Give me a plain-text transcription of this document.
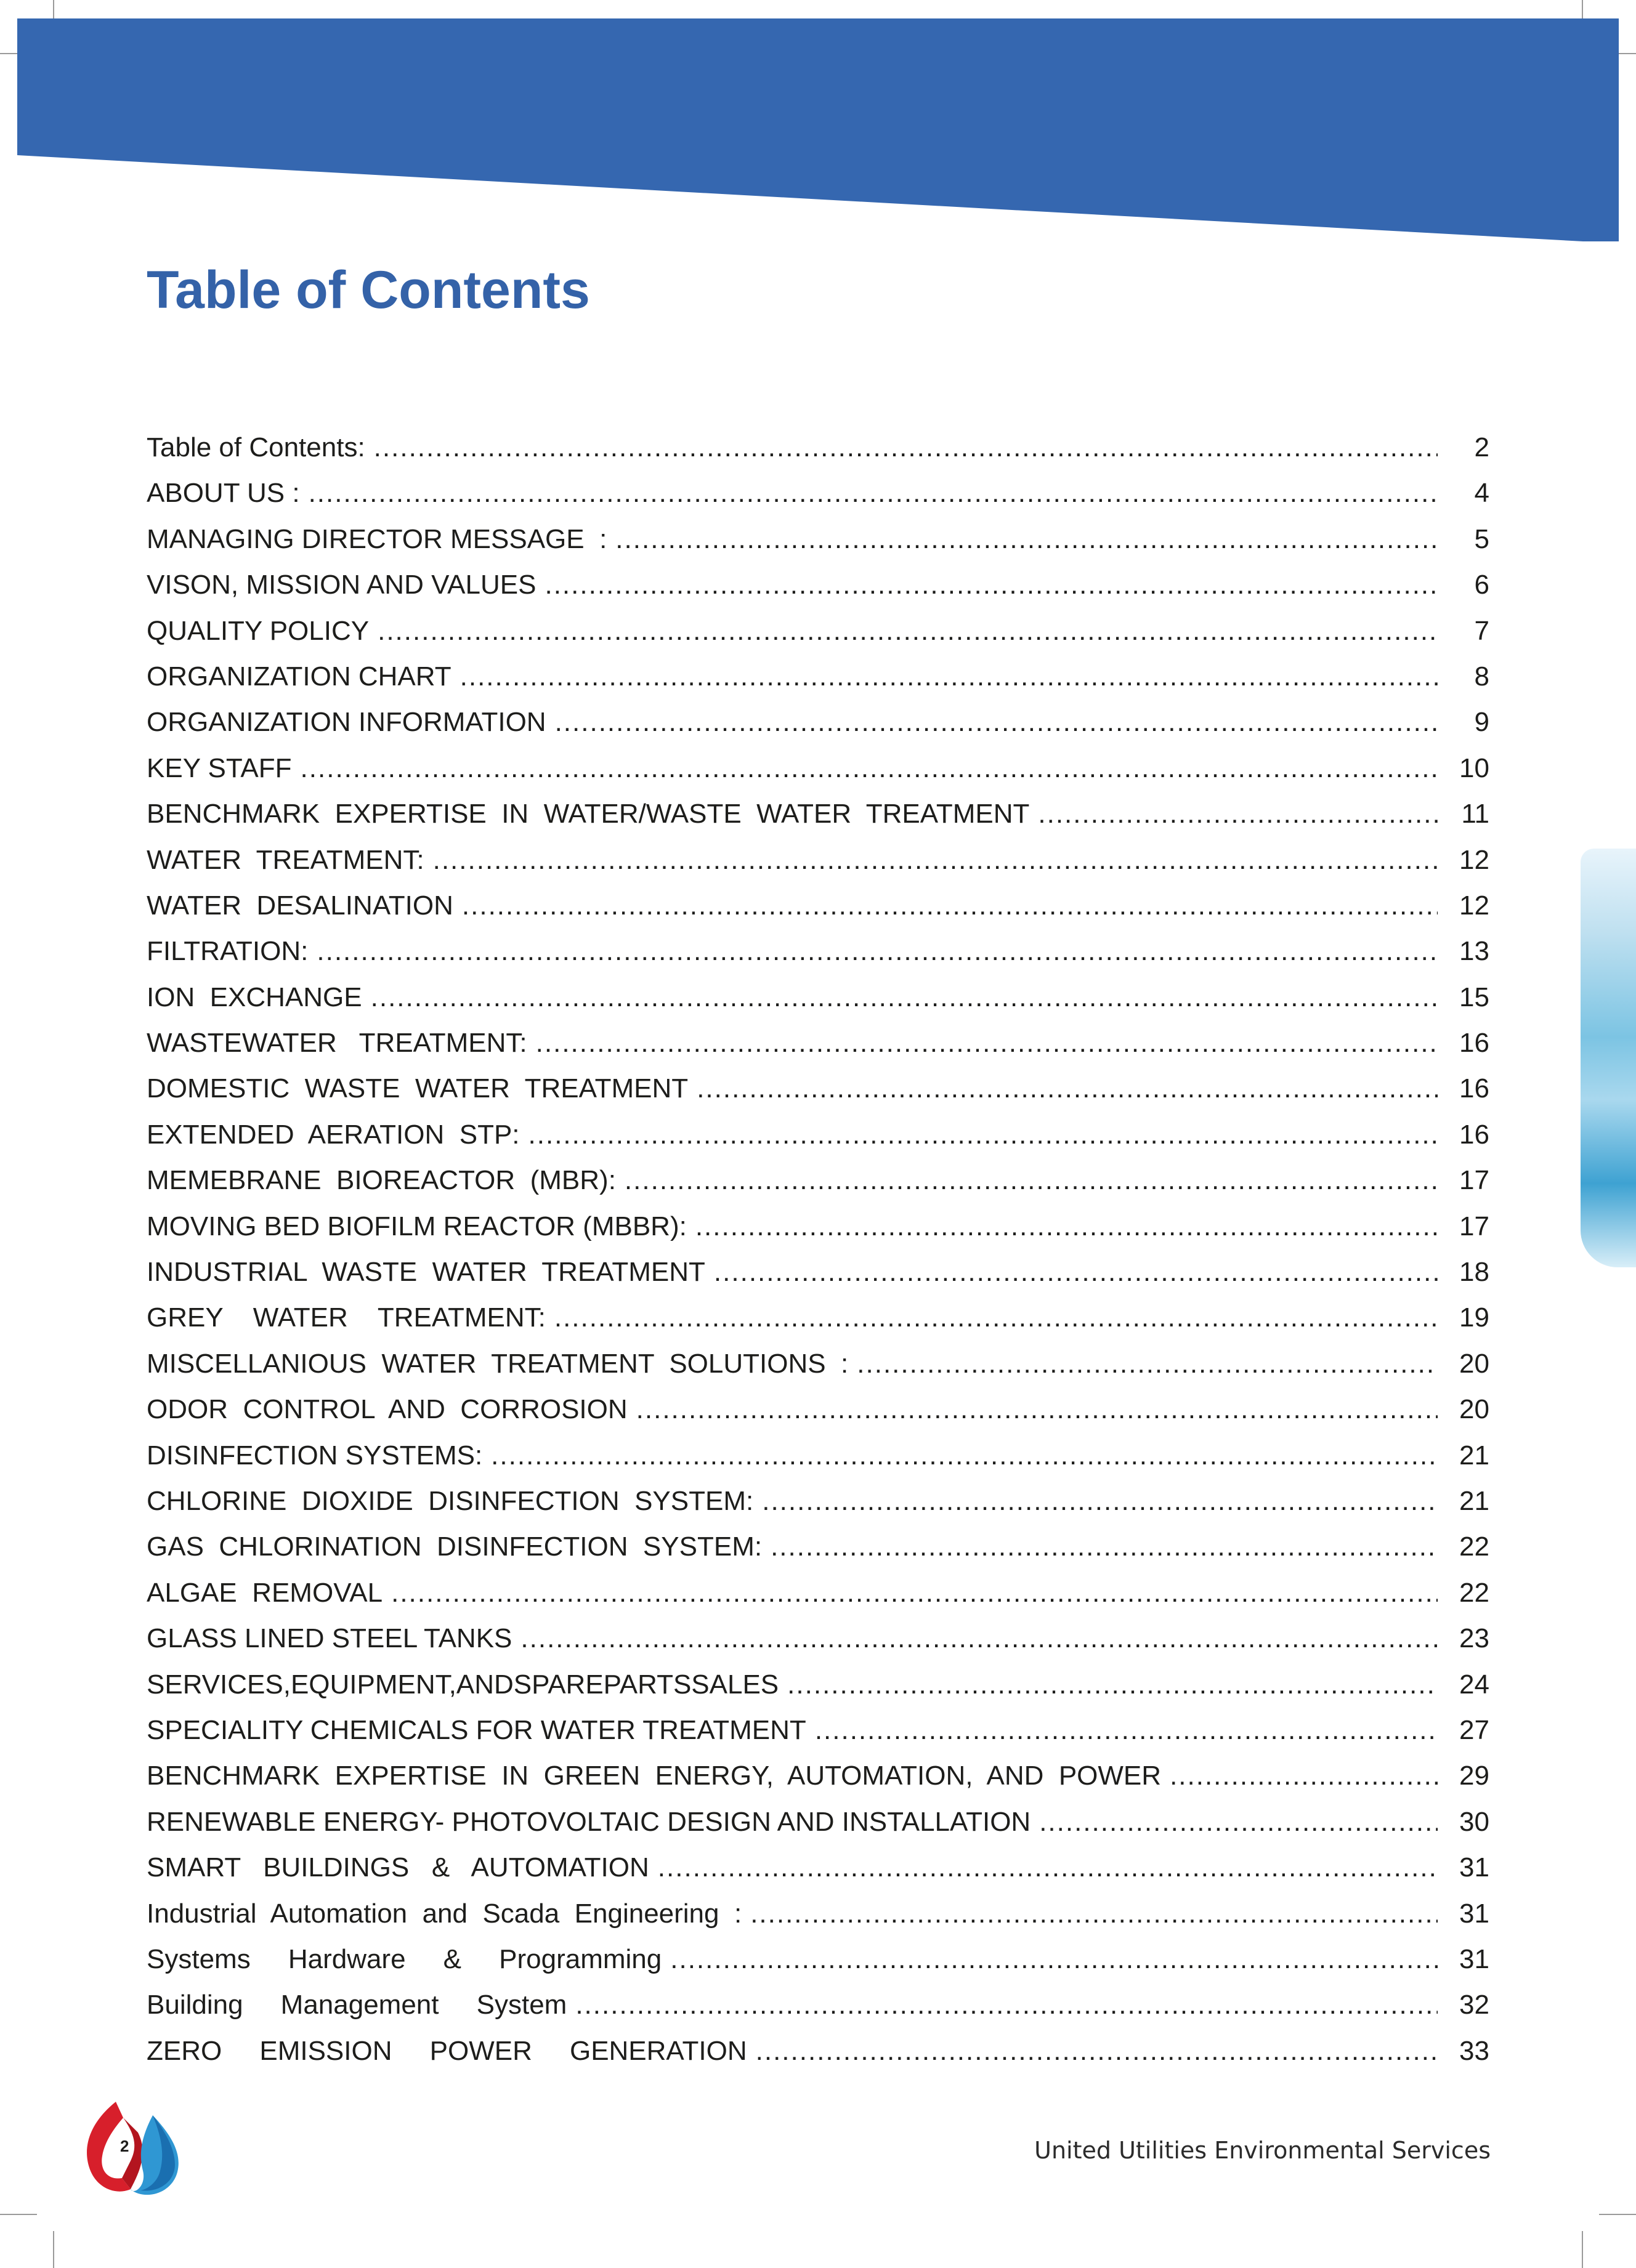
Table of Contents
Table of Contents: .....	2
ABOUT US : .....	4
MANAGING DIRECTOR MESSAGE  : .....	5
VISON, MISSION AND VALUES .....	6
QUALITY POLICY .....	7
ORGANIZATION CHART .....	8
ORGANIZATION INFORMATION .....	9
KEY STAFF .....	10
BENCHMARK  EXPERTISE  IN  WATER/WASTE  WATER  TREATMENT .....	11
WATER  TREATMENT: .....	12
WATER  DESALINATION .....	12
FILTRATION: .....	13
ION  EXCHANGE .....	15
WASTEWATER   TREATMENT: .....	16
DOMESTIC  WASTE  WATER  TREATMENT .....	16
EXTENDED  AERATION  STP: .....	16
MEMEBRANE  BIOREACTOR  (MBR): .....	17
MOVING BED BIOFILM REACTOR (MBBR): .....	17
INDUSTRIAL  WASTE  WATER  TREATMENT .....	18
GREY    WATER    TREATMENT: .....	19
MISCELLANIOUS  WATER  TREATMENT  SOLUTIONS  : .....	20
ODOR  CONTROL  AND  CORROSION .....	20
DISINFECTION SYSTEMS: .....	21
CHLORINE  DIOXIDE  DISINFECTION  SYSTEM: .....	21
GAS  CHLORINATION  DISINFECTION  SYSTEM: .....	22
ALGAE  REMOVAL .....	22
GLASS LINED STEEL TANKS .....	23
SERVICES,EQUIPMENT,ANDSPAREPARTSSALES .....	24
SPECIALITY CHEMICALS FOR WATER TREATMENT .....	27
BENCHMARK  EXPERTISE  IN  GREEN  ENERGY,  AUTOMATION,  AND  POWER .....	29
RENEWABLE ENERGY- PHOTOVOLTAIC DESIGN AND INSTALLATION .....	30
SMART   BUILDINGS   &   AUTOMATION .....	31
Industrial  Automation  and  Scada  Engineering  : .....	31
Systems     Hardware     &     Programming .....	31
Building     Management     System .....	32
ZERO     EMISSION     POWER     GENERATION .....	33
2	United Utilities Environmental Services
